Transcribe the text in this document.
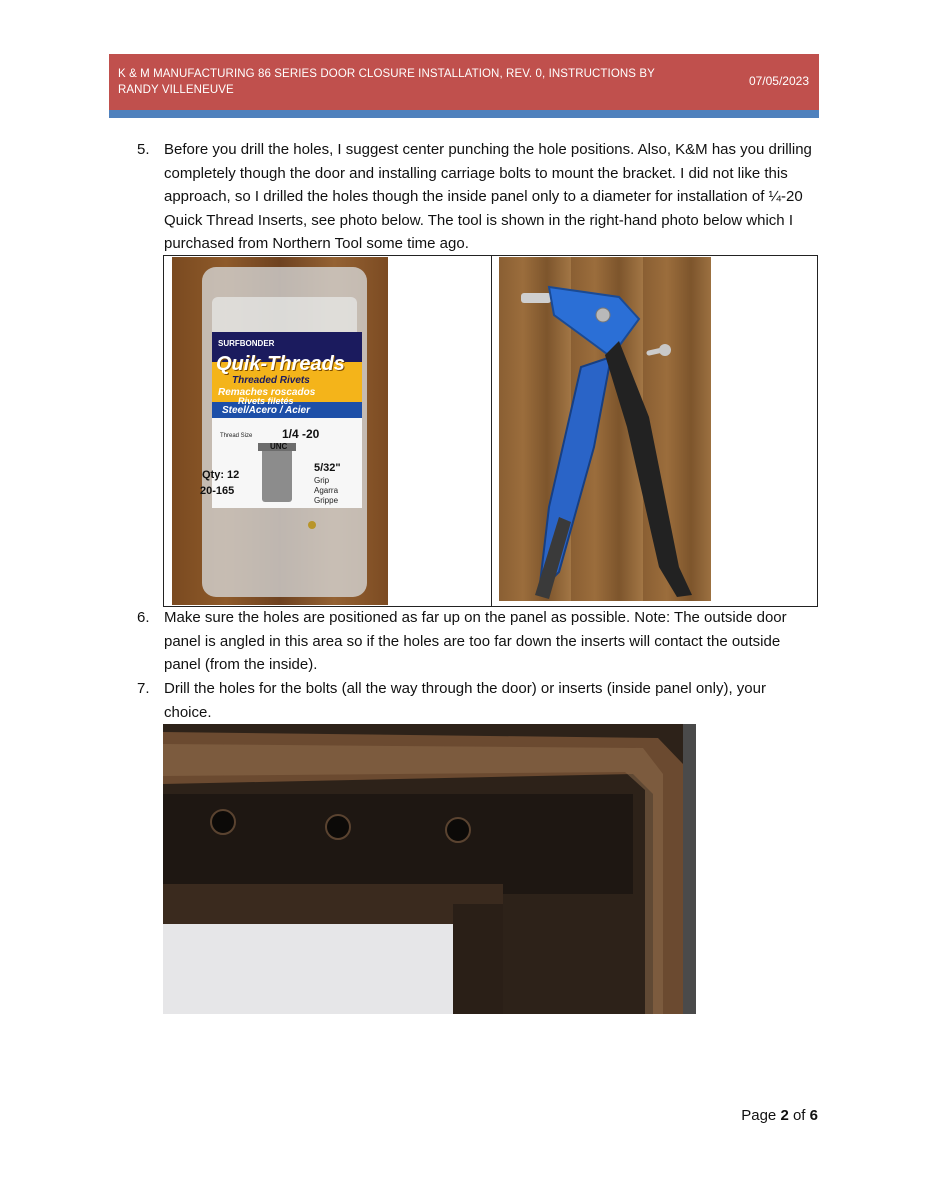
K & M MANUFACTURING 86 SERIES DOOR CLOSURE INSTALLATION, REV. 0, INSTRUCTIONS BY RANDY VILLENEUVE
07/05/2023
5. Before you drill the holes, I suggest center punching the hole positions. Also, K&M has you drilling completely though the door and installing carriage bolts to mount the bracket. I did not like this approach, so I drilled the holes though the inside panel only to a diameter for installation of ¼-20 Quick Thread Inserts, see photo below. The tool is shown in the right-hand photo below which I purchased from Northern Tool some time ago.
SURFBONDER
Quik-Threads
Threaded Rivets
Remaches roscados
Rivets filetés
Steel/Acero / Acier
Thread Size 1/4 -20
UNC
Qty: 12
20-165
5/32"
Grip
Agarra
Grippe
6. Make sure the holes are positioned as far up on the panel as possible. Note: The outside door panel is angled in this area so if the holes are too far down the inserts will contact the outside panel (from the inside).
7. Drill the holes for the bolts (all the way through the door) or inserts (inside panel only), your choice.
Page 2 of 6
